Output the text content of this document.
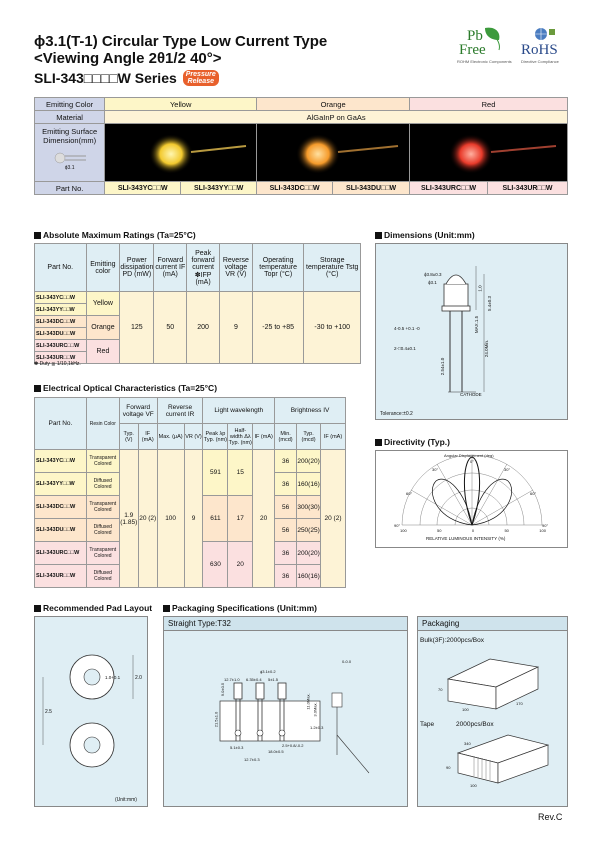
ϕ3.1(T-1) Circular Type Low Current Type
<Viewing Angle 2θ1/2 40°>
SLI-343□□□□W Series	Pressure
Release
Pb
Free
ROHM Electronic Components
RoHS
Directive Compliance
Emitting Color	Yellow		Orange		Red	
Material	AlGaInP on GaAs					

Emitting Surface Dimension(mm)
ϕ3.1

Part No.	SLI-343YC□□W	SLI-343YY□□W	SLI-343DC□□W	SLI-343DU□□W	SLI-343URC□□W	SLI-343UR□□W
Absolute Maximum Ratings (Ta=25°C)
Part No.	Emitting color	Power dissipation PD (mW)	Forward current IF (mA)	Peak forward current ✽IFP (mA)	Reverse voltage VR (V)	Operating temperature Topr (°C)	Storage temperature Tstg (°C)
SLI-343YC□□W	Yellow	125	50	200	9	-25 to +85	-30 to +100
SLI-343YY□□W							
SLI-343DC□□W	Orange						
SLI-343DU□□W							
SLI-343URC□□W	Red						
SLI-343UR□□W							
✽ Duty ≦ 1/10,1kHz.
Electrical Optical Characteristics (Ta=25°C)
Part No.	Resin Color	Forward voltage VF		Reverse current IR		Light wavelength			Brightness IV		
		Typ. (V)	IF (mA)	Max. (μA)	VR (V)	Peak λp Typ. (nm)	Half-width Δλ Typ. (nm)	IF (mA)	Min. (mcd)	Typ. (mcd)	IF (mA)
SLI-343YC□□W	Transparent Colored	1.9 (1.85)	20 (2)	100	9	591	15	20	36	200(20)	20 (2)
SLI-343YY□□W	Diffused Colored								36	160(16)	
SLI-343DC□□W	Transparent Colored					611	17		56	300(30)	
SLI-343DU□□W	Diffused Colored								56	250(25)	
SLI-343URC□□W	Transparent Colored					630	20		36	200(20)	
SLI-343UR□□W	Diffused Colored								36	160(16)	
Dimensions (Unit:mm)
ϕ3.8±0.3
ϕ3.1
1.0
5.4±0.3
MAX.1.5
4-0.5 +0.1 -0
2-□0.4±0.1	24.0Min.
2.54±1.0
CATHODE
Tolerance:±0.2
Directivity (Typ.)
Angular Displacement (deg)
0°
30°
60°
90°
30°
60°
90°
100	50	0	50	100
RELATIVE LUMINOUS INTENSITY (%)
Recommended Pad Layout
1.0+0.1	2.0
2.5
(Unit:mm)
Packaging Specifications (Unit:mm)
Straight Type:T32
ϕ3.1±0.2
12.7±1.0 6.35±0.4 5±1.5
0-0.0
5.1±0.3
12.7±0.3
2.5+0.8/-0.2
18.0±0.5
21.5±1.0
9.0±0.5
11.0Max. 3.0Max.
1.2±0.3
Packaging
Bulk(3F):2000pcs/Box
70
100
170
Tape	2000pcs/Box
340
90
100
Rev.C
